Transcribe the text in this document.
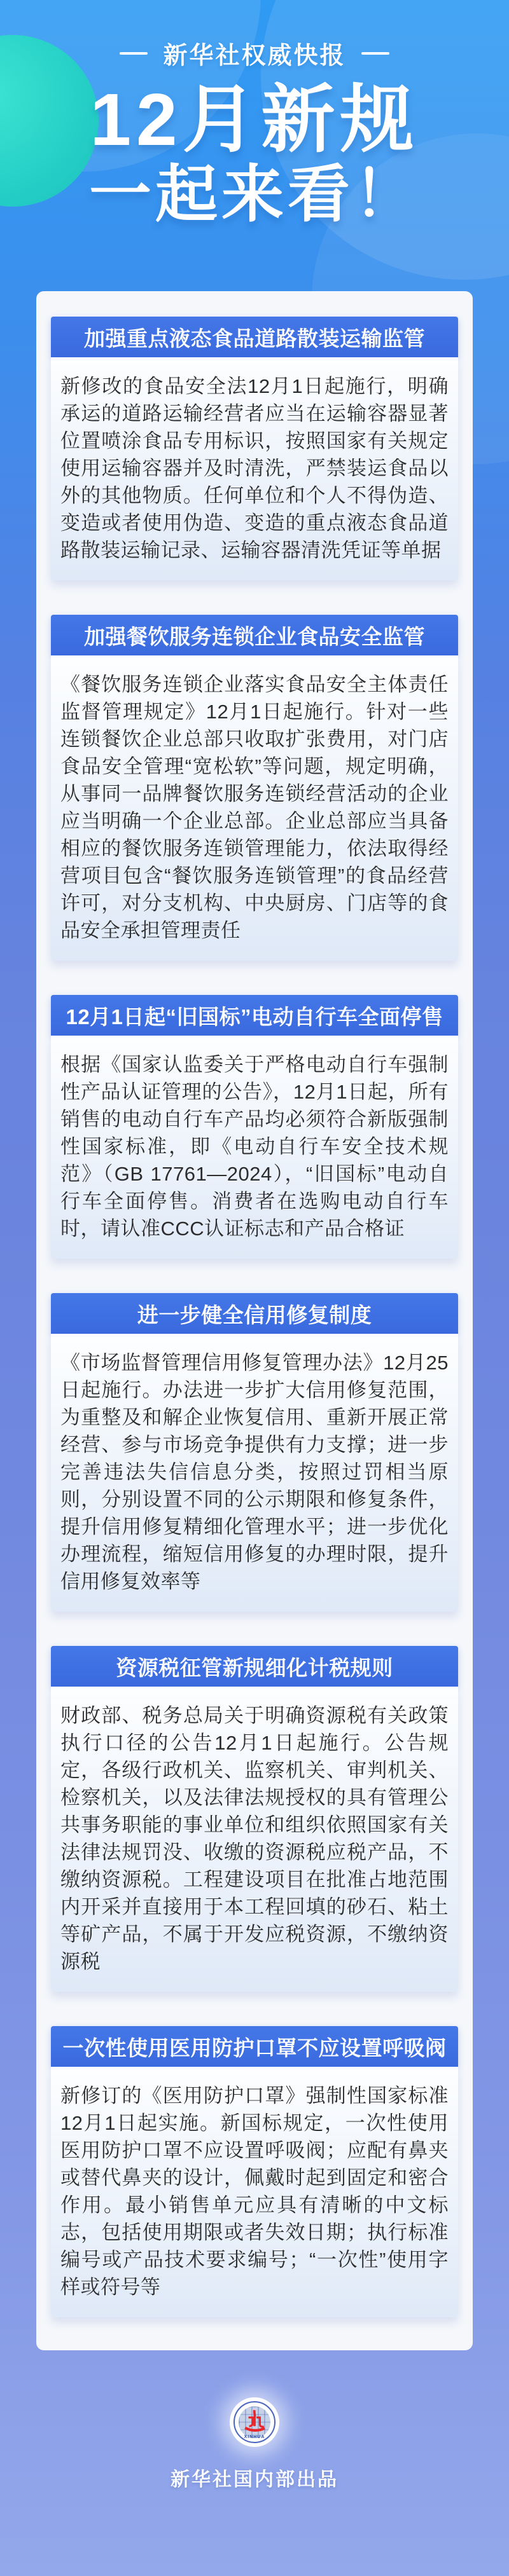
新华社权威快报
12月新规
一起来看！
加强重点液态食品道路散装运输监管

新修改的食品安全法12月1日起施行，明确承运的道路运输经营者应当在运输容器显著位置喷涂食品专用标识，按照国家有关规定使用运输容器并及时清洗，严禁装运食品以外的其他物质。任何单位和个人不得伪造、变造或者使用伪造、变造的重点液态食品道路散装运输记录、运输容器清洗凭证等单据

加强餐饮服务连锁企业食品安全监管

《餐饮服务连锁企业落实食品安全主体责任监督管理规定》12月1日起施行。针对一些连锁餐饮企业总部只收取扩张费用，对门店食品安全管理“宽松软”等问题，规定明确，从事同一品牌餐饮服务连锁经营活动的企业应当明确一个企业总部。企业总部应当具备相应的餐饮服务连锁管理能力，依法取得经营项目包含“餐饮服务连锁管理”的食品经营许可，对分支机构、中央厨房、门店等的食品安全承担管理责任

12月1日起“旧国标”电动自行车全面停售

根据《国家认监委关于严格电动自行车强制性产品认证管理的公告》，12月1日起，所有销售的电动自行车产品均必须符合新版强制性国家标准，即《电动自行车安全技术规范》（GB 17761—2024），“旧国标”电动自行车全面停售。消费者在选购电动自行车时，请认准CCC认证标志和产品合格证

进一步健全信用修复制度

《市场监督管理信用修复管理办法》12月25日起施行。办法进一步扩大信用修复范围，为重整及和解企业恢复信用、重新开展正常经营、参与市场竞争提供有力支撑；进一步完善违法失信信息分类，按照过罚相当原则，分别设置不同的公示期限和修复条件，提升信用修复精细化管理水平；进一步优化办理流程，缩短信用修复的办理时限，提升信用修复效率等

资源税征管新规细化计税规则

财政部、税务总局关于明确资源税有关政策执行口径的公告12月1日起施行。公告规定，各级行政机关、监察机关、审判机关、检察机关，以及法律法规授权的具有管理公共事务职能的事业单位和组织依照国家有关法律法规罚没、收缴的资源税应税产品，不缴纳资源税。工程建设项目在批准占地范围内开采并直接用于本工程回填的砂石、粘土等矿产品，不属于开发应税资源，不缴纳资源税

一次性使用医用防护口罩不应设置呼吸阀

新修订的《医用防护口罩》强制性国家标准12月1日起实施。新国标规定，一次性使用医用防护口罩不应设置呼吸阀；应配有鼻夹或替代鼻夹的设计，佩戴时起到固定和密合作用。最小销售单元应具有清晰的中文标志，包括使用期限或者失效日期；执行标准编号或产品技术要求编号；“一次性”使用字样或符号等

XINHUA
新华社国内部出品
